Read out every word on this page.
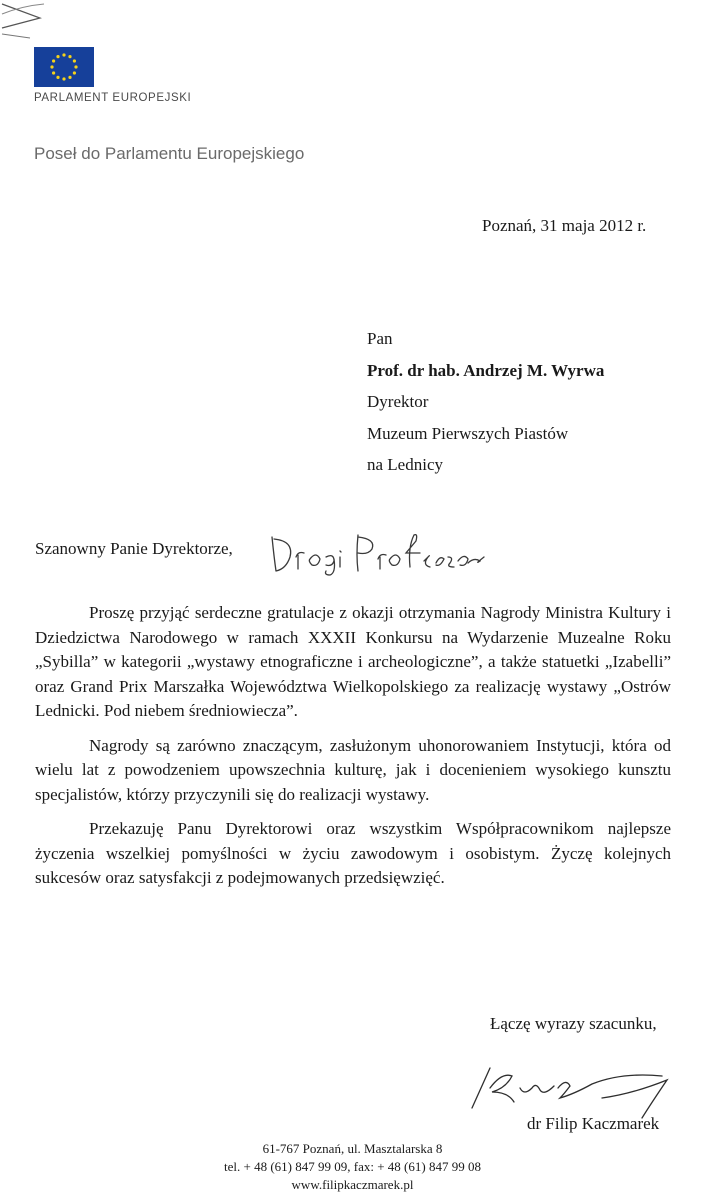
PARLAMENT EUROPEJSKI
Poseł do Parlamentu Europejskiego
Poznań, 31 maja 2012 r.
Pan
Prof. dr hab. Andrzej M. Wyrwa
Dyrektor
Muzeum Pierwszych Piastów
na Lednicy
Szanowny Panie Dyrektorze,

Proszę przyjąć serdeczne gratulacje z okazji otrzymania Nagrody Ministra Kultury i Dziedzictwa Narodowego w ramach XXXII Konkursu na Wydarzenie Muzealne Roku „Sybilla” w kategorii „wystawy etnograficzne i archeologiczne”, a także statuetki „Izabelli” oraz Grand Prix Marszałka Województwa Wielkopolskiego za realizację wystawy „Ostrów Lednicki. Pod niebem średniowiecza”.

Nagrody są zarówno znaczącym, zasłużonym uhonorowaniem Instytucji, która od wielu lat z powodzeniem upowszechnia kulturę, jak i docenieniem wysokiego kunsztu specjalistów, którzy przyczynili się do realizacji wystawy.

Przekazuję Panu Dyrektorowi oraz wszystkim Współpracownikom najlepsze życzenia wszelkiej pomyślności w życiu zawodowym i osobistym. Życzę kolejnych sukcesów oraz satysfakcji z podejmowanych przedsięwzięć.

Łączę wyrazy szacunku,
dr Filip Kaczmarek
61-767 Poznań, ul. Masztalarska 8
tel. + 48 (61) 847 99 09, fax: + 48 (61) 847 99 08
www.filipkaczmarek.pl
